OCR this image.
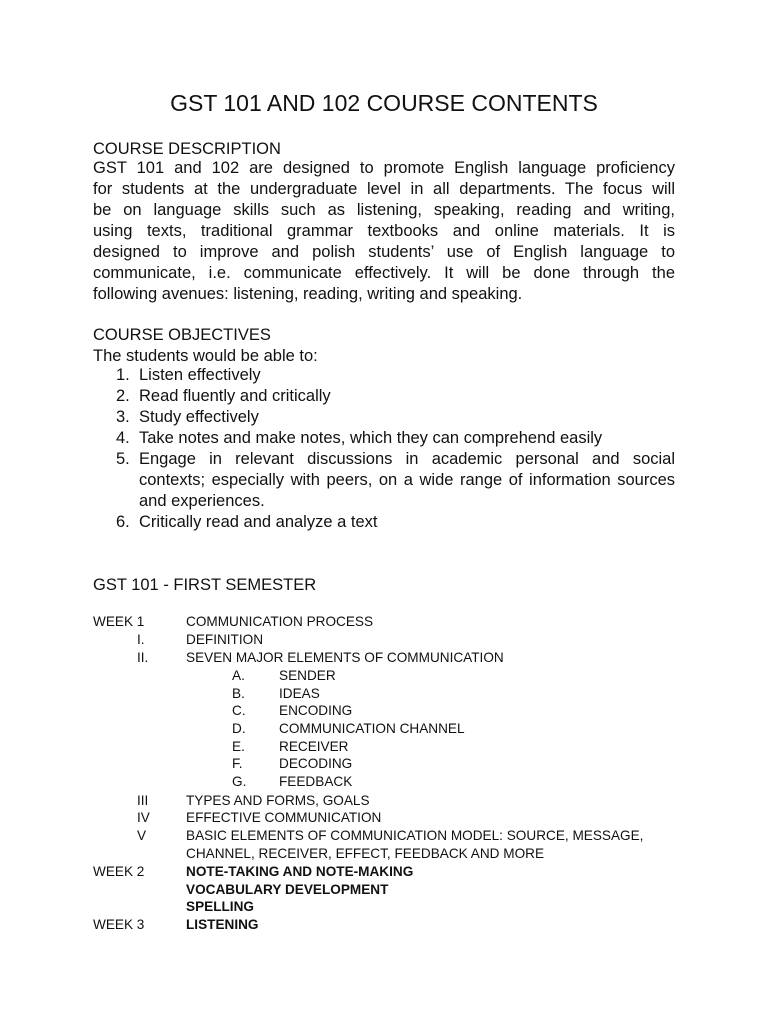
GST 101 AND 102 COURSE CONTENTS
COURSE DESCRIPTION
GST 101 and 102 are designed to promote English language proficiency
for students at the undergraduate level in all departments. The focus will
be on language skills such as listening, speaking, reading and writing,
using texts, traditional grammar textbooks and online materials. It is
designed to improve and polish students’ use of English language to
communicate, i.e. communicate effectively. It will be done through the
following avenues: listening, reading, writing and speaking.
COURSE OBJECTIVES
The students would be able to:
1. Listen effectively
2. Read fluently and critically
3. Study effectively
4. Take notes and make notes, which they can comprehend easily
5. Engage in relevant discussions in academic personal and social contexts; especially with peers, on a wide range of information sources and experiences.
6. Critically read and analyze a text
GST 101 - FIRST SEMESTER
WEEK 1	COMMUNICATION PROCESS
I.	DEFINITION
II.	SEVEN MAJOR ELEMENTS OF COMMUNICATION
A.	SENDER
B.	IDEAS
C. ENCODING
D. COMMUNICATION CHANNEL
E.	RECEIVER
F.	DECODING
G. FEEDBACK
III	TYPES AND FORMS, GOALS
IV	EFFECTIVE COMMUNICATION
V	BASIC ELEMENTS OF COMMUNICATION MODEL: SOURCE, MESSAGE,
CHANNEL, RECEIVER, EFFECT, FEEDBACK AND MORE
WEEK 2	NOTE-TAKING AND NOTE-MAKING
VOCABULARY DEVELOPMENT
SPELLING
WEEK 3	LISTENING
